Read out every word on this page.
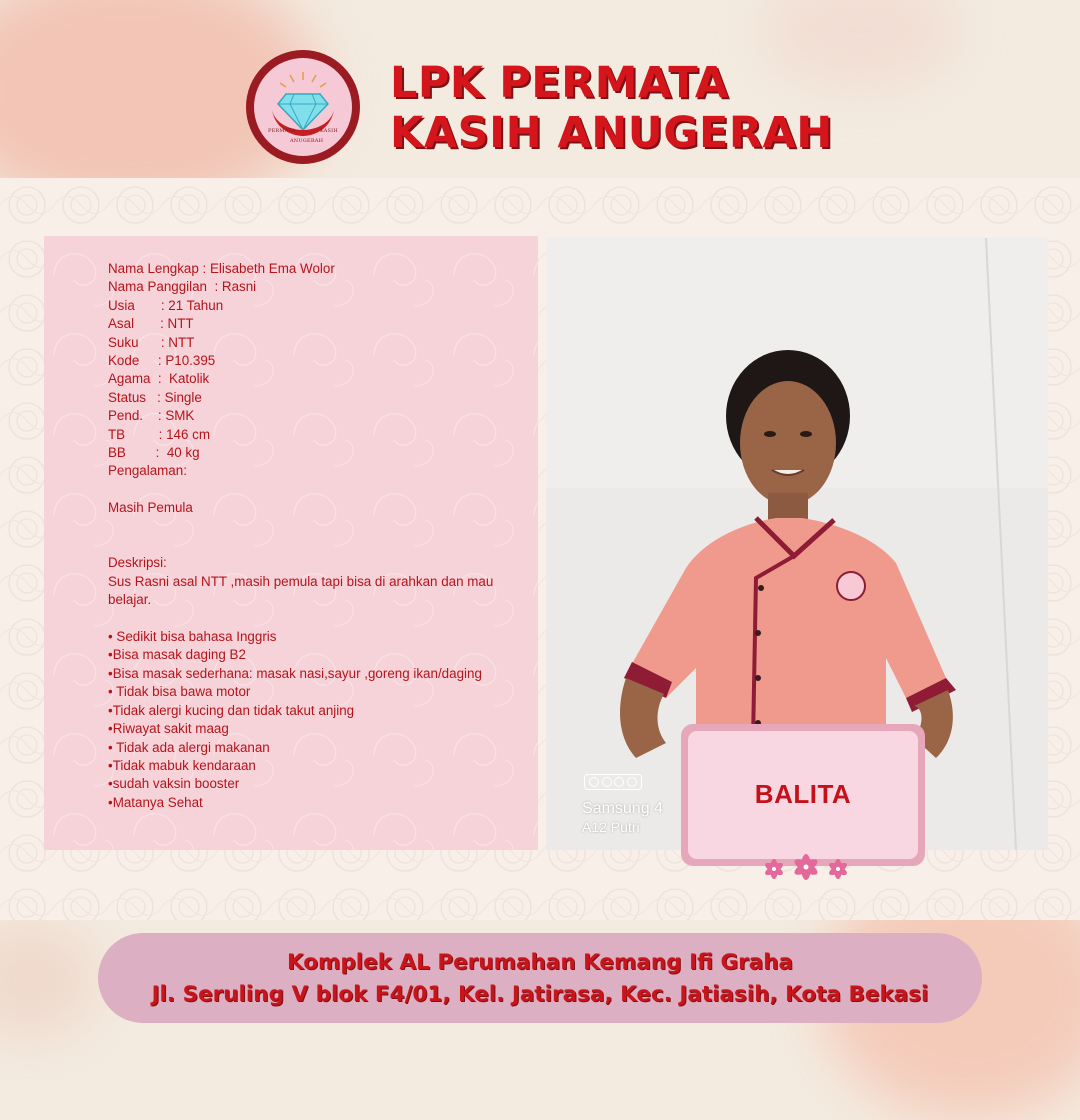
PERMATA	KASIH
ANUGERAH
LPK PERMATA
KASIH ANUGERAH
Nama Lengkap : Elisabeth Ema Wolor
Nama Panggilan : Rasni
Usia : 21 Tahun
Asal : NTT
Suku : NTT
Kode : P10.395
Agama : Katolik
Status : Single
Pend. : SMK
TB : 146 cm
BB : 40 kg
Pengalaman:
Masih Pemula
Deskripsi:

Sus Rasni asal NTT ,masih pemula tapi bisa di arahkan dan mau belajar.

• Sedikit bisa bahasa Inggris
•Bisa masak daging B2
•Bisa masak sederhana: masak nasi,sayur ,goreng ikan/daging
• Tidak bisa bawa motor
•Tidak alergi kucing dan tidak takut anjing
•Riwayat sakit maag
• Tidak ada alergi makanan
•Tidak mabuk kendaraan
•sudah vaksin booster
•Matanya Sehat	Samsung 4
A12 Putri
BALITA
Komplek AL Perumahan Kemang Ifi Graha
Jl. Seruling V blok F4/01, Kel. Jatirasa, Kec. Jatiasih, Kota Bekasi
